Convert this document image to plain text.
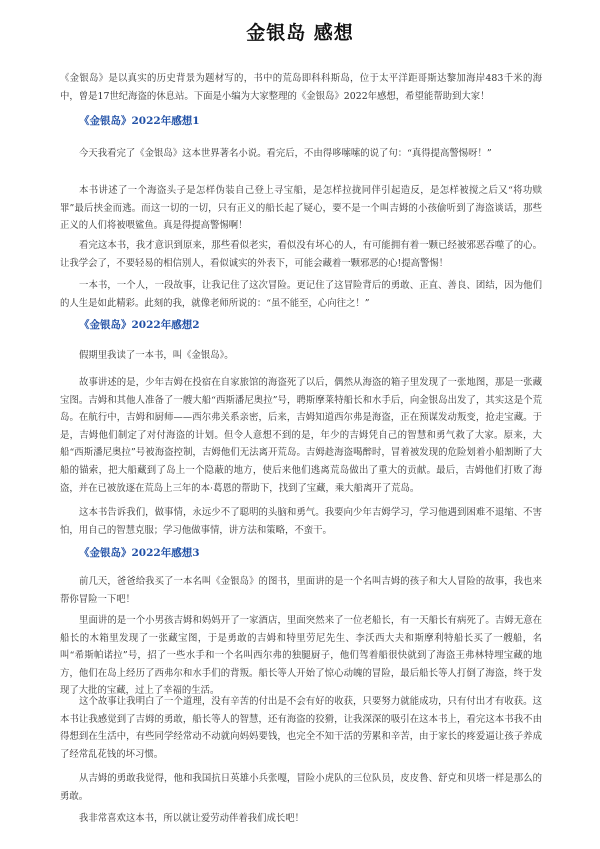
金银岛 感想
《金银岛》是以真实的历史背景为题材写的，书中的荒岛即科科斯岛，位于太平洋距哥斯达黎加海岸483千米的海中，曾是17世纪海盗的休息站。下面是小编为大家整理的《金银岛》2022年感想，希望能帮助到大家！
《金银岛》2022年感想1
今天我看完了《金银岛》这本世界著名小说。看完后，不由得哆嗦嗦的说了句：“真得提高警惕呀！”
本书讲述了一个海盗头子是怎样伪装自己登上寻宝船，是怎样拉拢同伴引起造反，是怎样被搅之后又“将功赎罪”最后挟金而逃。而这一切的一切，只有正义的船长起了疑心，要不是一个叫吉姆的小孩偷听到了海盗谈话，那些正义的人们将被喂鲨鱼。真是得提高警惕啊！
看完这本书，我才意识到原来，那些看似老实，看似没有坏心的人，有可能拥有着一颗已经被邪恶吞噬了的心。让我学会了，不要轻易的相信别人，看似诚实的外表下，可能会藏着一颗邪恶的心!提高警惕！
一本书，一个人，一段故事，让我记住了这次冒险。更记住了这冒险背后的勇敢、正直、善良、团结，因为他们的人生是如此精彩。此刻的我，就像老师所说的：“虽不能至，心向往之！”
《金银岛》2022年感想2
假期里我读了一本书，叫《金银岛》。
故事讲述的是，少年吉姆在投宿在自家旅馆的海盗死了以后，偶然从海盗的箱子里发现了一张地图，那是一张藏宝图。吉姆和其他人准备了一艘大船“西斯潘尼奥拉”号，聘斯摩莱特船长和水手后，向金银岛出发了，其实这是个荒岛。在航行中，吉姆和厨师——西尔弗关系亲密，后来，吉姆知道西尔弗是海盗，正在预谋发动叛变，抢走宝藏。于是，吉姆他们制定了对付海盗的计划。但令人意想不到的是，年少的吉姆凭自己的智慧和勇气救了大家。原来，大船“西斯潘尼奥拉”号被海盗控制，吉姆他们无法离开荒岛。吉姆趁海盗喝醉时，冒着被发现的危险划着小船割断了大船的锚索，把大船藏到了岛上一个隐蔽的地方，使后来他们逃离荒岛做出了重大的贡献。最后，吉姆他们打败了海盗，并在已被放逐在荒岛上三年的本·葛恩的帮助下，找到了宝藏，乘大船离开了荒岛。
这本书告诉我们，做事情，永远少不了聪明的头脑和勇气。我要向少年吉姆学习，学习他遇到困难不退缩、不害怕，用自己的智慧克服；学习他做事情，讲方法和策略，不蛮干。
《金银岛》2022年感想3
前几天，爸爸给我买了一本名叫《金银岛》的图书，里面讲的是一个名叫吉姆的孩子和大人冒险的故事，我也来帮你冒险一下吧！
里面讲的是一个小男孩吉姆和妈妈开了一家酒店，里面突然来了一位老船长，有一天船长有病死了。吉姆无意在船长的木箱里发现了一张藏宝图，于是勇敢的吉姆和特里劳尼先生、李沃西大夫和斯摩利特船长买了一艘船，名叫“希斯帕诺拉”号，招了一些水手和一个名叫西尔弗的独腿厨子，他们驾着船很快就到了海盗王弗林特埋宝藏的地方，他们在岛上经历了西弗尔和水手们的背叛。船长等人开始了惊心动魄的冒险，最后船长等人打倒了海盗，终于发现了大批的宝藏，过上了幸福的生活。
这个故事让我明白了一个道理，没有辛苦的付出是不会有好的收获，只要努力就能成功，只有付出才有收获。这本书让我感觉到了吉姆的勇敢，船长等人的智慧，还有海盗的狡猾，让我深深的吸引在这本书上，看完这本书我不由得想到在生活中，有些同学经常动不动就向妈妈要钱，也完全不知干活的劳累和辛苦，由于家长的疼爱逼让孩子养成了经常乱花钱的坏习惯。
从吉姆的勇敢我觉得，他和我国抗日英雄小兵张嘎，冒险小虎队的三位队员，皮皮鲁、舒克和贝塔一样是那么的勇敢。
我非常喜欢这本书，所以就让爱劳动伴着我们成长吧！
